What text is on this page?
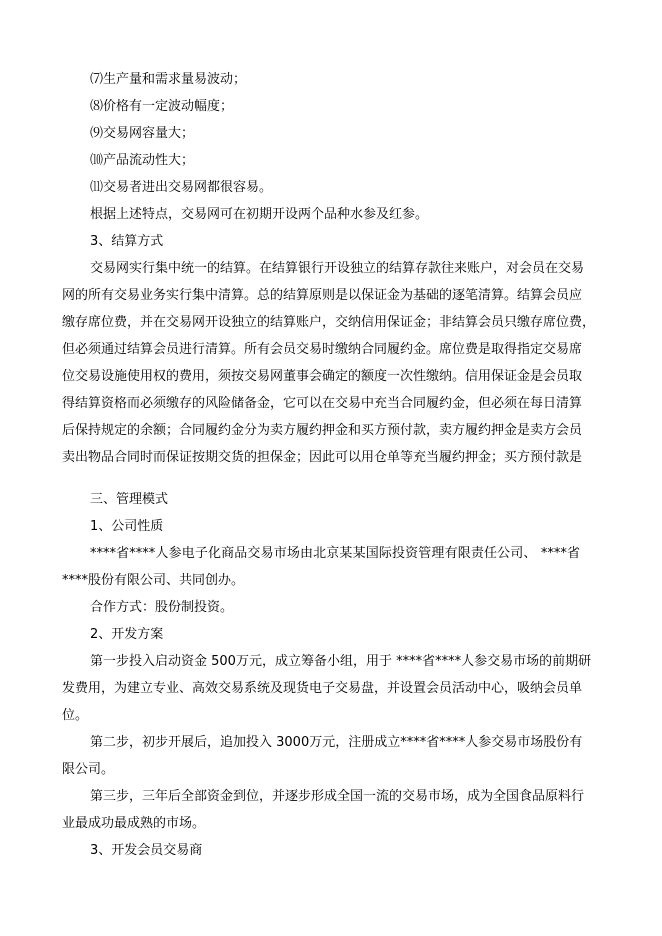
⑺生产量和需求量易波动；
⑻价格有一定波动幅度；
⑼交易网容量大；
⑽产品流动性大；
⑾交易者进出交易网都很容易。
根据上述特点，交易网可在初期开设两个品种水参及红参。
3、结算方式
交易网实行集中统一的结算。在结算银行开设独立的结算存款往来账户，对会员在交易
网的所有交易业务实行集中清算。总的结算原则是以保证金为基础的逐笔清算。结算会员应
缴存席位费，并在交易网开设独立的结算账户，交纳信用保证金；非结算会员只缴存席位费，
但必须通过结算会员进行清算。所有会员交易时缴纳合同履约金。席位费是取得指定交易席
位交易设施使用权的费用，须按交易网董事会确定的额度一次性缴纳。信用保证金是会员取
得结算资格而必须缴存的风险储备金，它可以在交易中充当合同履约金，但必须在每日清算
后保持规定的余额；合同履约金分为卖方履约押金和买方预付款，卖方履约押金是卖方会员
卖出物品合同时而保证按期交货的担保金；因此可以用仓单等充当履约押金；买方预付款是
三、管理模式
1、公司性质
****省****人参电子化商品交易市场由北京某某国际投资管理有限责任公司、 ****省
****股份有限公司、共同创办。
合作方式：股份制投资。
2、开发方案
第一步投入启动资金 500万元，成立筹备小组，用于 ****省****人参交易市场的前期研
发费用，为建立专业、高效交易系统及现货电子交易盘，并设置会员活动中心，吸纳会员单
位。
第二步，初步开展后，追加投入 3000万元，注册成立****省****人参交易市场股份有
限公司。
第三步，三年后全部资金到位，并逐步形成全国一流的交易市场，成为全国食品原料行
业最成功最成熟的市场。
3、开发会员交易商
